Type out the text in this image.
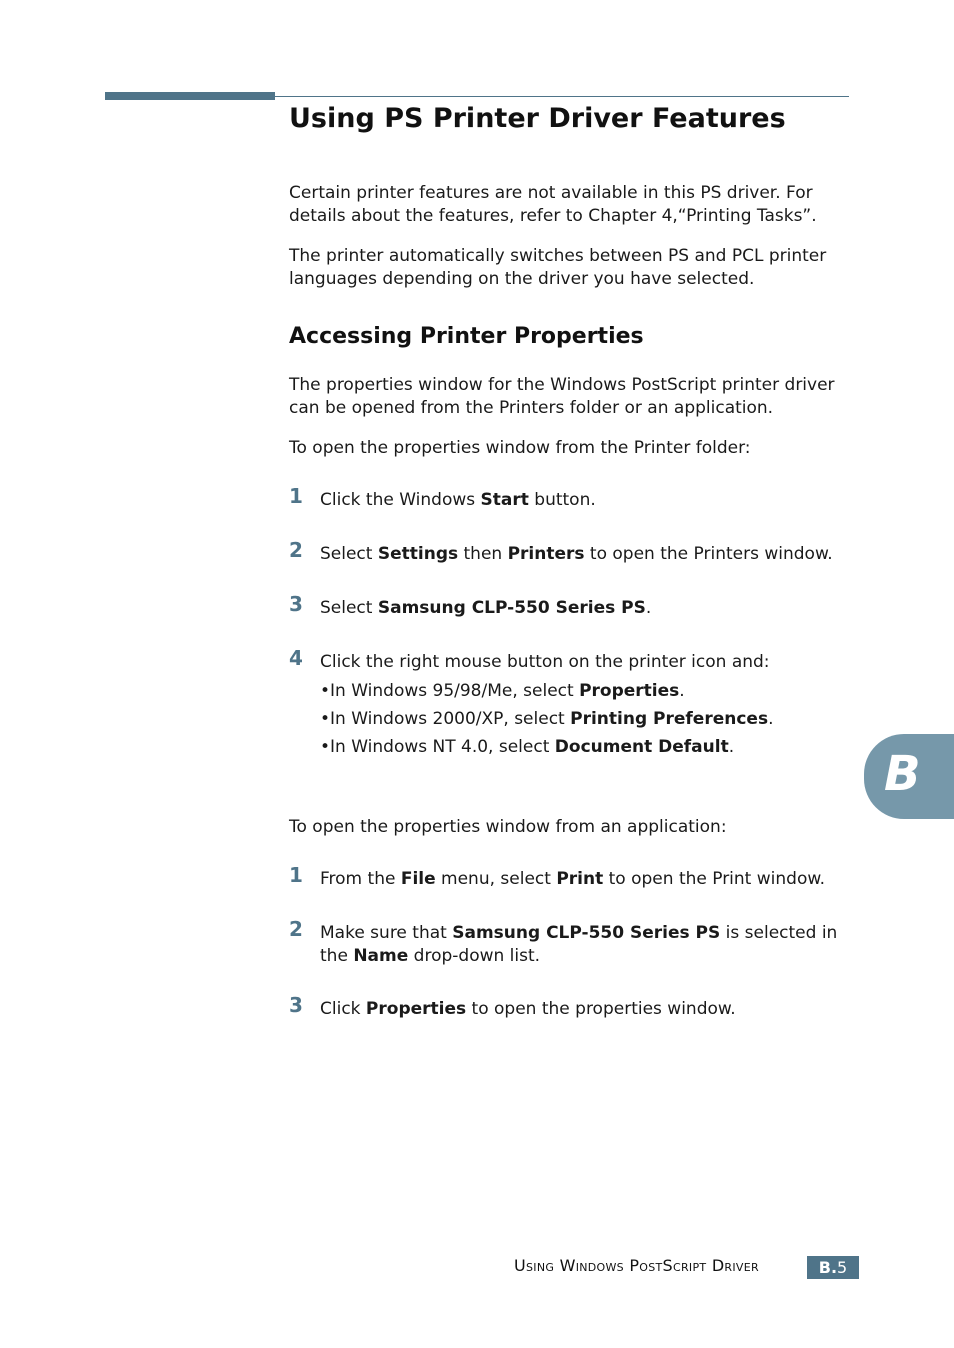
Using PS Printer Driver Features

Certain printer features are not available in this PS driver. For details about the features, refer to Chapter 4,“Printing Tasks”.

The printer automatically switches between PS and PCL printer languages depending on the driver you have selected.

Accessing Printer Properties

The properties window for the Windows PostScript printer driver can be opened from the Printers folder or an application.

To open the properties window from the Printer folder:

1 Click the Windows Start button.
2 Select Settings then Printers to open the Printers window.
3 Select Samsung CLP-550 Series PS.
4 Click the right mouse button on the printer icon and:
•In Windows 95/98/Me, select Properties.
•In Windows 2000/XP, select Printing Preferences.
•In Windows NT 4.0, select Document Default.

To open the properties window from an application:

1 From the File menu, select Print to open the Print window.
2 Make sure that Samsung CLP-550 Series PS is selected in the Name drop-down list.
3 Click Properties to open the properties window.
B
Using Windows PostScript Driver	B.5
